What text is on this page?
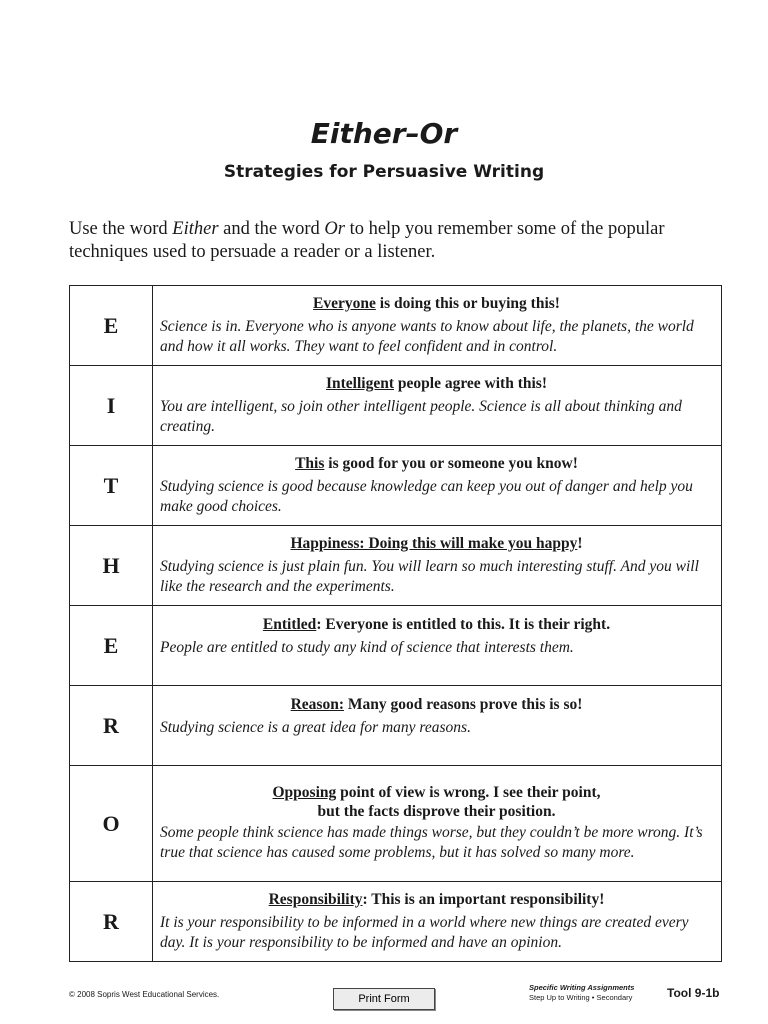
Either–Or
Strategies for Persuasive Writing
Use the word Either and the word Or to help you remember some of the popular techniques used to persuade a reader or a listener.
E	Everyone is doing this or buying this!
Science is in. Everyone who is anyone wants to know about life, the planets, the world and how it all works. They want to feel confident and in control.

I	Intelligent people agree with this!
You are intelligent, so join other intelligent people. Science is all about thinking and creating.

T	This is good for you or someone you know!
Studying science is good because knowledge can keep you out of danger and help you make good choices.

H	Happiness: Doing this will make you happy!
Studying science is just plain fun. You will learn so much interesting stuff. And you will like the research and the experiments.

E	Entitled: Everyone is entitled to this. It is their right.
People are entitled to study any kind of science that interests them.

R	Reason: Many good reasons prove this is so!
Studying science is a great idea for many reasons.

O	Opposing point of view is wrong. I see their point,
but the facts disprove their position.
Some people think science has made things worse, but they couldn’t be more wrong. It’s true that science has caused some problems, but it has solved so many more.

R	Responsibility: This is an important responsibility!
It is your responsibility to be informed in a world where new things are created every day. It is your responsibility to be informed and have an opinion.
© 2008 Sopris West Educational Services.	Print Form
Specific Writing Assignments
Step Up to Writing • Secondary	Tool 9-1b
